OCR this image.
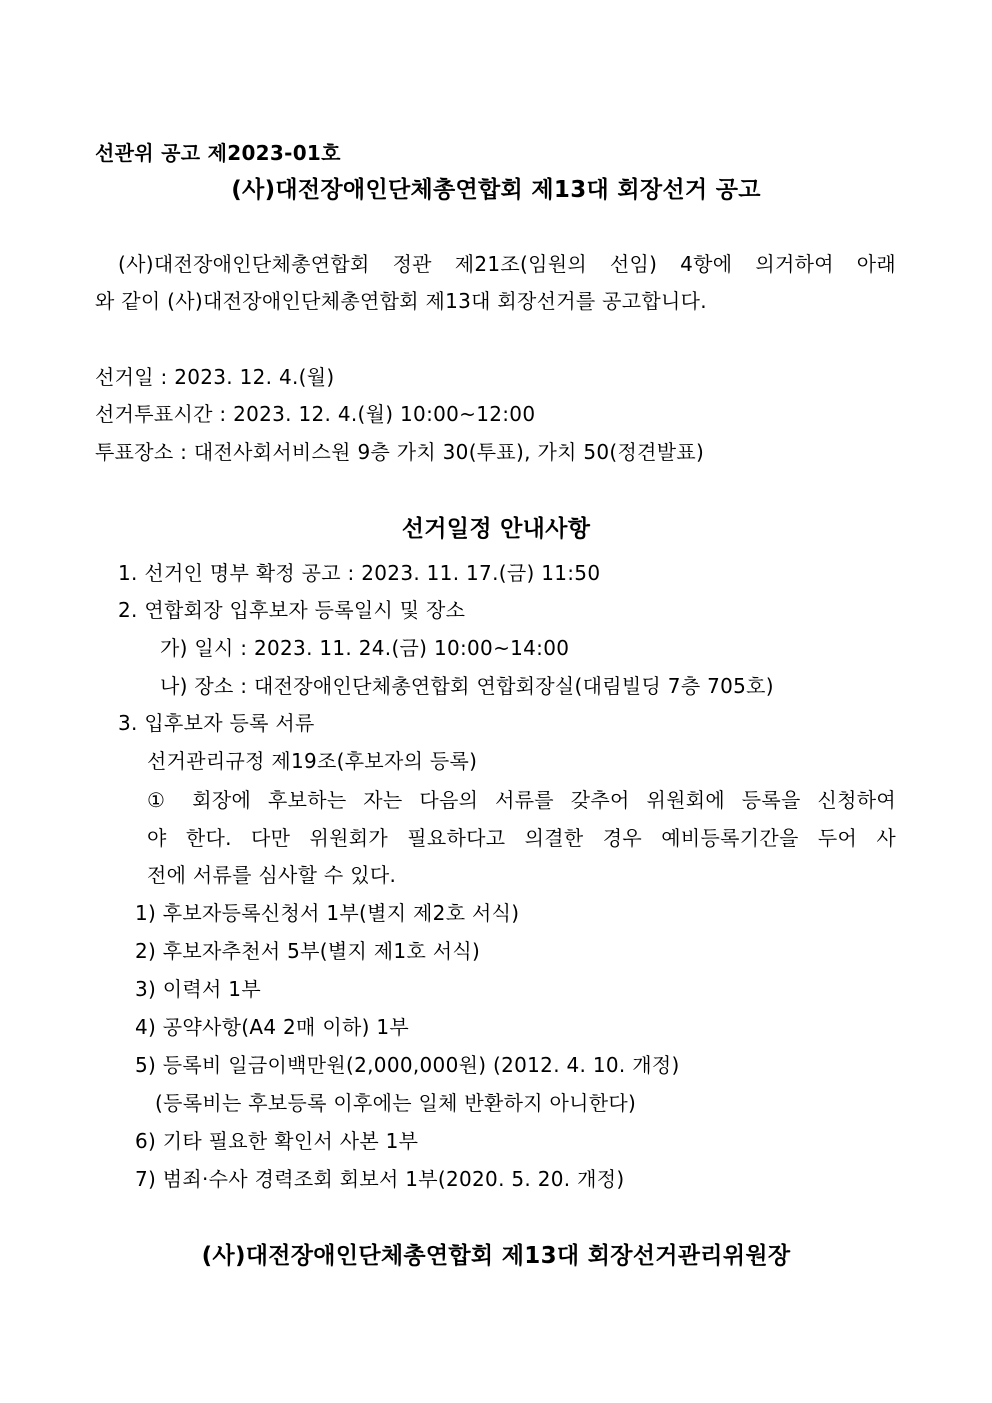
선관위 공고 제2023-01호
(사)대전장애인단체총연합회 제13대 회장선거 공고
(사)대전장애인단체총연합회 정관 제21조(임원의 선임) 4항에 의거하여 아래
와 같이 (사)대전장애인단체총연합회 제13대 회장선거를 공고합니다.
선거일 : 2023. 12. 4.(월)
선거투표시간 : 2023. 12. 4.(월) 10:00~12:00
투표장소 : 대전사회서비스원 9층 가치 30(투표), 가치 50(정견발표)
선거일정 안내사항
1. 선거인 명부 확정 공고 : 2023. 11. 17.(금) 11:50
2. 연합회장 입후보자 등록일시 및 장소
가) 일시 : 2023. 11. 24.(금) 10:00~14:00
나) 장소 : 대전장애인단체총연합회 연합회장실(대림빌딩 7층 705호)
3. 입후보자 등록 서류
선거관리규정 제19조(후보자의 등록)
① 회장에 후보하는 자는 다음의 서류를 갖추어 위원회에 등록을 신청하여
야 한다. 다만 위원회가 필요하다고 의결한 경우 예비등록기간을 두어 사
전에 서류를 심사할 수 있다.
1) 후보자등록신청서 1부(별지 제2호 서식)
2) 후보자추천서 5부(별지 제1호 서식)
3) 이력서 1부
4) 공약사항(A4 2매 이하) 1부
5) 등록비 일금이백만원(2,000,000원) (2012. 4. 10. 개정)
(등록비는 후보등록 이후에는 일체 반환하지 아니한다)
6) 기타 필요한 확인서 사본 1부
7) 범죄·수사 경력조회 회보서 1부(2020. 5. 20. 개정)
(사)대전장애인단체총연합회 제13대 회장선거관리위원장
